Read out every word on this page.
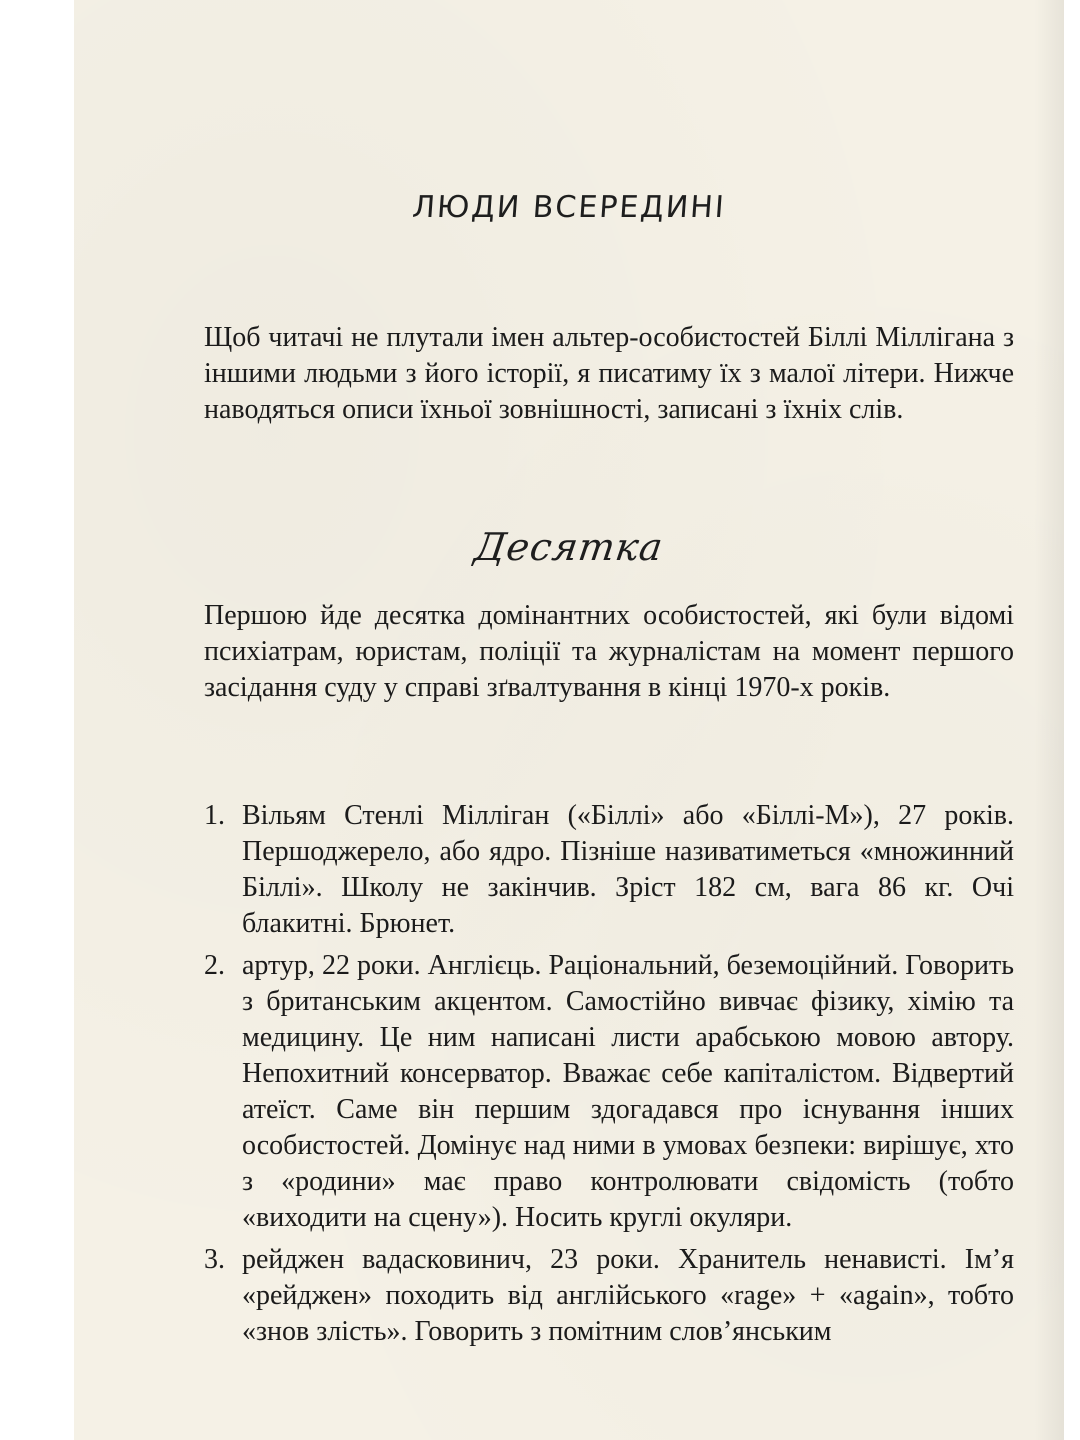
ЛЮДИ ВСЕРЕДИНІ

Щоб читачі не плутали імен альтер-особистостей Біллі Міллігана з іншими людьми з його історії, я писатиму їх з малої літери. Нижче наводяться описи їхньої зовнішності, записані з їхніх слів.

Десятка

Першою йде десятка домінантних особистостей, які були відомі психіатрам, юристам, поліції та журналістам на момент першого засідання суду у справі зґвалтування в кінці 1970-х років.

1. Вільям Стенлі Мілліган («Біллі» або «Біллі-М»), 27 років. Першоджерело, або ядро. Пізніше називатиметься «множинний Біллі». Школу не закінчив. Зріст 182 см, вага 86 кг. Очі блакитні. Брюнет.
2. артур, 22 роки. Англієць. Раціональний, беземоційний. Говорить з британським акцентом. Самостійно вивчає фізику, хімію та медицину. Це ним написані листи арабською мовою автору. Непохитний консерватор. Вважає себе капіталістом. Відвертий атеїст. Саме він першим здогадався про існування інших особистостей. Домінує над ними в умовах безпеки: вирішує, хто з «родини» має право контролювати свідомість (тобто «виходити на сцену»). Носить круглі окуляри.
3. рейджен вадасковинич, 23 роки. Хранитель ненависті. Ім’я «рейджен» походить від англійського «rage» + «again», тобто «знов злість». Говорить з помітним слов’янським
